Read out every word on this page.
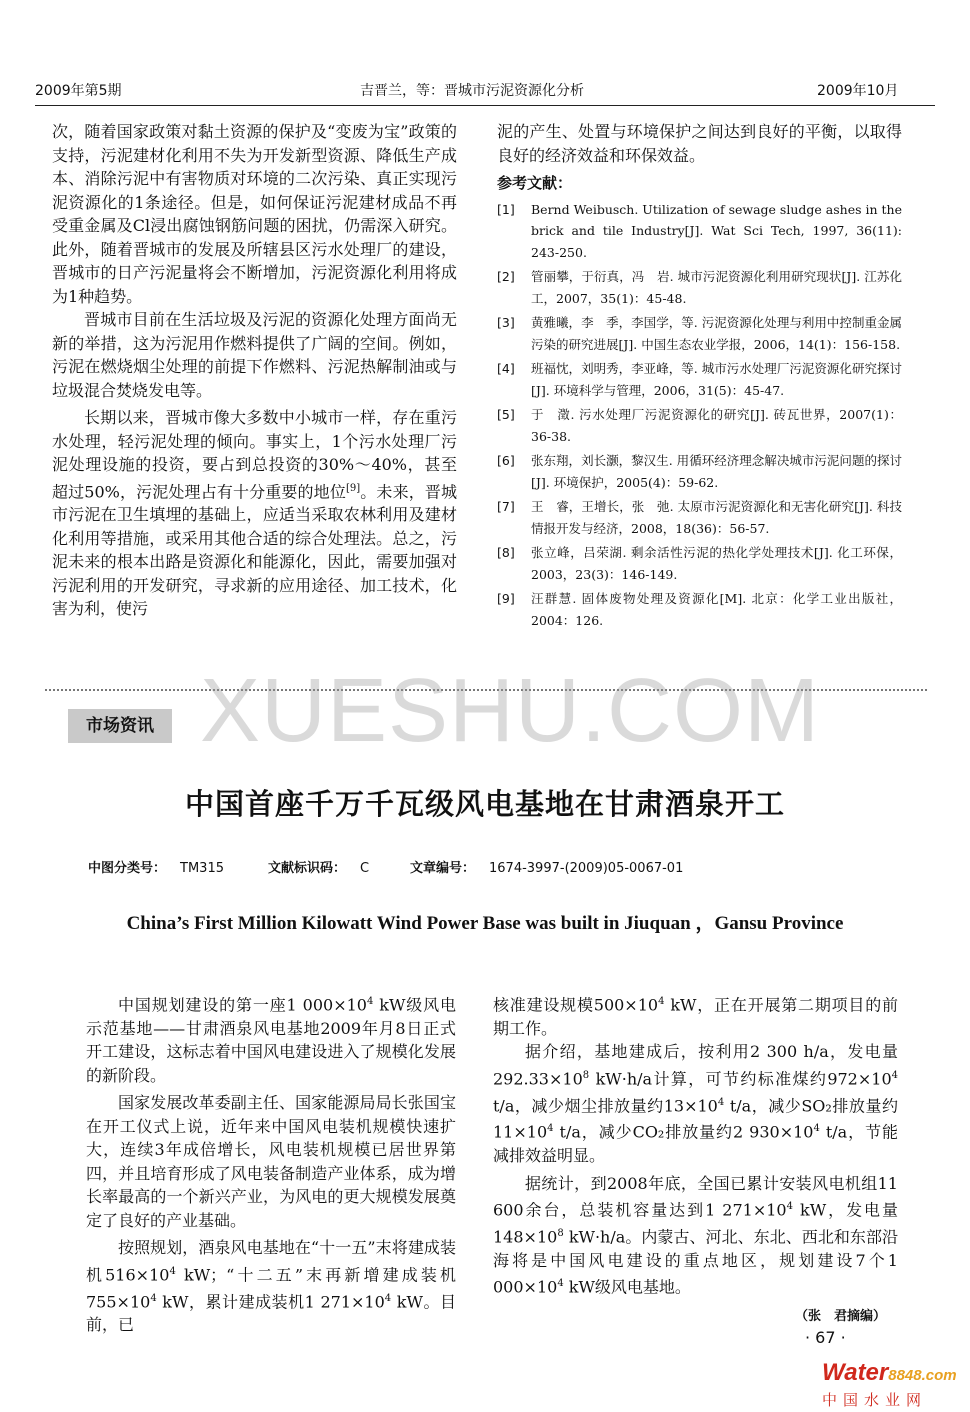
2009年第5期	吉晋兰，等：晋城市污泥资源化分析	2009年10月

次，随着国家政策对黏土资源的保护及“变废为宝”政策的支持，污泥建材化利用不失为开发新型资源、降低生产成本、消除污泥中有害物质对环境的二次污染、真正实现污泥资源化的1条途径。但是，如何保证污泥建材成品不再受重金属及Cl浸出腐蚀钢筋问题的困扰，仍需深入研究。此外，随着晋城市的发展及所辖县区污水处理厂的建设，晋城市的日产污泥量将会不断增加，污泥资源化利用将成为1种趋势。

晋城市目前在生活垃圾及污泥的资源化处理方面尚无新的举措，这为污泥用作燃料提供了广阔的空间。例如，污泥在燃烧烟尘处理的前提下作燃料、污泥热解制油或与垃圾混合焚烧发电等。

长期以来，晋城市像大多数中小城市一样，存在重污水处理，轻污泥处理的倾向。事实上，1个污水处理厂污泥处理设施的投资，要占到总投资的30%～40%，甚至超过50%，污泥处理占有十分重要的地位[9]。未来，晋城市污泥在卫生填埋的基础上，应适当采取农林利用及建材化利用等措施，或采用其他合适的综合处理法。总之，污泥未来的根本出路是资源化和能源化，因此，需要加强对污泥利用的开发研究，寻求新的应用途径、加工技术，化害为利，使污

泥的产生、处置与环境保护之间达到良好的平衡，以取得良好的经济效益和环保效益。

参考文献：
[1]	Bernd Weibusch. Utilization of sewage sludge ashes in the brick and tile Industry[J]. Wat Sci Tech, 1997, 36(11): 243-250.
[2]	管丽攀，于衍真，冯　岩. 城市污泥资源化利用研究现状[J]. 江苏化工，2007，35(1)：45-48.
[3]	黄雅曦，李　季，李国学，等. 污泥资源化处理与利用中控制重金属污染的研究进展[J]. 中国生态农业学报，2006，14(1)：156-158.
[4]	班福忱，刘明秀，李亚峰，等. 城市污水处理厂污泥资源化研究探讨[J]. 环境科学与管理，2006，31(5)：45-47.
[5]	于　澂. 污水处理厂污泥资源化的研究[J]. 砖瓦世界，2007(1)：36-38.
[6]	张东翔，刘长灏，黎汉生. 用循环经济理念解决城市污泥问题的探讨[J]. 环境保护，2005(4)：59-62.
[7]	王　睿，王增长，张　弛. 太原市污泥资源化和无害化研究[J]. 科技情报开发与经济，2008，18(36)：56-57.
[8]	张立峰，吕荣湖. 剩余活性污泥的热化学处理技术[J]. 化工环保，2003，23(3)：146-149.
[9]	汪群慧. 固体废物处理及资源化[M]. 北京：化学工业出版社，2004：126.
XUESHU.COM
市场资讯
中国首座千万千瓦级风电基地在甘肃酒泉开工
中图分类号： TM315	文献标识码： C	文章编号： 1674-3997-(2009)05-0067-01
China’s First Million Kilowatt Wind Power Base was built in Jiuquan ，Gansu Province

中国规划建设的第一座1 $000\times 10^4$ kW级风电示范基地——甘肃酒泉风电基地2009年月8日正式开工建设，这标志着中国风电建设进入了规模化发展的新阶段。

国家发展改革委副主任、国家能源局局长张国宝在开工仪式上说，近年来中国风电装机规模快速扩大，连续3年成倍增长，风电装机规模已居世界第四，并且培育形成了风电装备制造产业体系，成为增长率最高的一个新兴产业，为风电的更大规模发展奠定了良好的产业基础。

按照规划，酒泉风电基地在“十一五”末将建成装机$516\times 10^4$ kW；“十二五”末再新增建成装机$755\times 10^4$ kW，累计建成装机1 $271\times 10^4$ kW。目前，已

核准建设规模$500\times 10^4$ kW，正在开展第二期项目的前期工作。

据介绍，基地建成后，按利用2 300 h/a，发电量$292.33\times 10^8$ kW·h/a计算，可节约标准煤约$972\times 10^4$ t/a，减少烟尘排放量约$13\times 10^4$ t/a，减少SO₂排放量约$11\times 10^4$ t/a，减少CO₂排放量约2 $930\times 10^4$ t/a，节能减排效益明显。

据统计，到2008年底，全国已累计安装风电机组11 600余台，总装机容量达到1 $271\times 10^4$ kW，发电量$148\times 10^8$ kW·h/a。内蒙古、河北、东北、西北和东部沿海将是中国风电建设的重点地区，规划建设7个1 $000\times 10^4$ kW级风电基地。

（张　君摘编）
· 67 ·
Water8848.com
中国水业网
